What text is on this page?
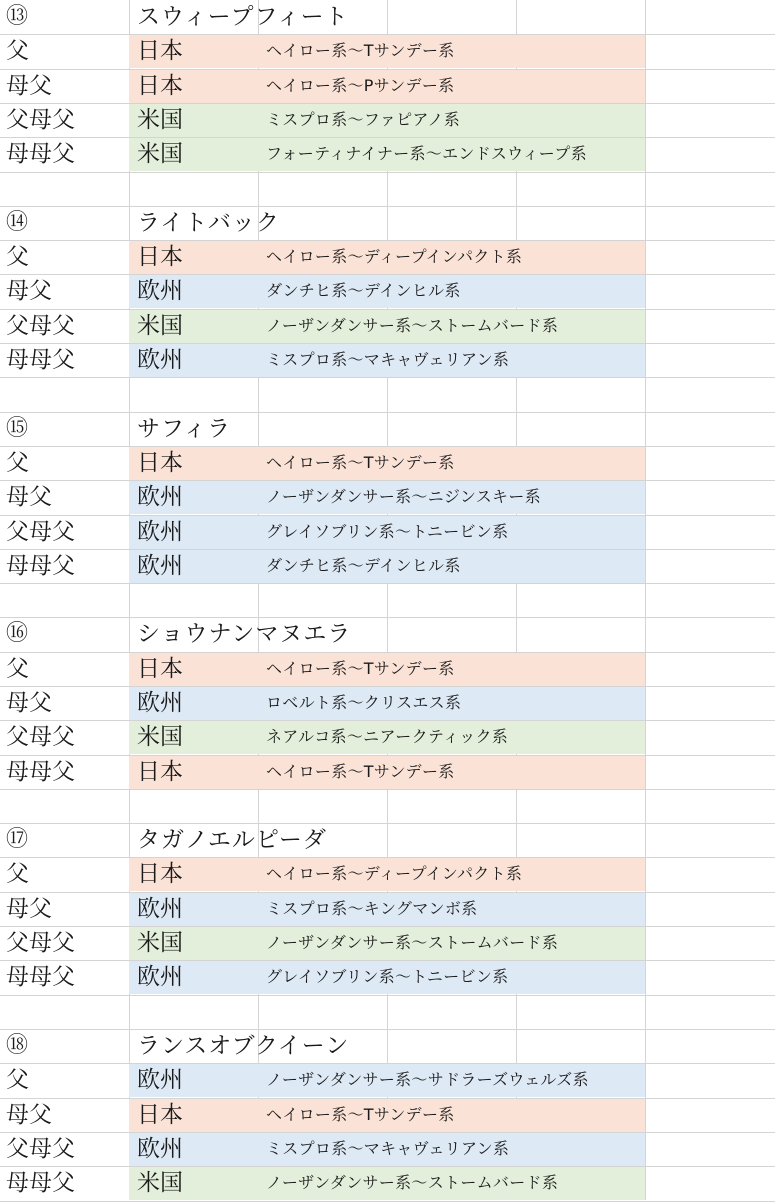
⑬	スウィープフィート
父	日本	ヘイロー系〜Tサンデー系
母父	日本	ヘイロー系〜Pサンデー系
父母父	米国	ミスプロ系〜ファピアノ系
母母父	米国	フォーティナイナー系〜エンドスウィープ系
⑭	ライトバック
父	日本	ヘイロー系〜ディープインパクト系
母父	欧州	ダンチヒ系〜デインヒル系
父母父	米国	ノーザンダンサー系〜ストームバード系
母母父	欧州	ミスプロ系〜マキャヴェリアン系
⑮	サフィラ
父	日本	ヘイロー系〜Tサンデー系
母父	欧州	ノーザンダンサー系〜ニジンスキー系
父母父	欧州	グレイソブリン系〜トニービン系
母母父	欧州	ダンチヒ系〜デインヒル系
⑯	ショウナンマヌエラ
父	日本	ヘイロー系〜Tサンデー系
母父	欧州	ロベルト系〜クリスエス系
父母父	米国	ネアルコ系〜ニアークティック系
母母父	日本	ヘイロー系〜Tサンデー系
⑰	タガノエルピーダ
父	日本	ヘイロー系〜ディープインパクト系
母父	欧州	ミスプロ系〜キングマンボ系
父母父	米国	ノーザンダンサー系〜ストームバード系
母母父	欧州	グレイソブリン系〜トニービン系
⑱	ランスオブクイーン
父	欧州	ノーザンダンサー系〜サドラーズウェルズ系
母父	日本	ヘイロー系〜Tサンデー系
父母父	欧州	ミスプロ系〜マキャヴェリアン系
母母父	米国	ノーザンダンサー系〜ストームバード系
